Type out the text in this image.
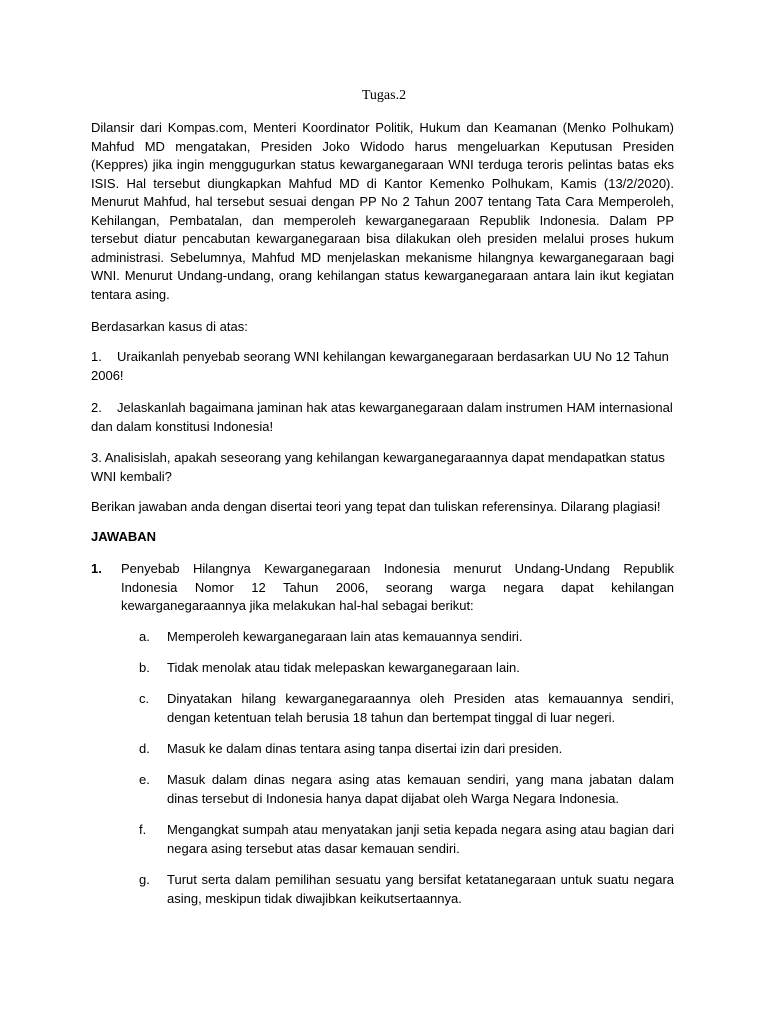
Tugas.2
Dilansir dari Kompas.com, Menteri Koordinator Politik, Hukum dan Keamanan (Menko Polhukam) Mahfud MD mengatakan, Presiden Joko Widodo harus mengeluarkan Keputusan Presiden (Keppres) jika ingin menggugurkan status kewarganegaraan WNI terduga teroris pelintas batas eks ISIS. Hal tersebut diungkapkan Mahfud MD di Kantor Kemenko Polhukam, Kamis (13/2/2020). Menurut Mahfud, hal tersebut sesuai dengan PP No 2 Tahun 2007 tentang Tata Cara Memperoleh, Kehilangan, Pembatalan, dan memperoleh kewarganegaraan Republik Indonesia. Dalam PP tersebut diatur pencabutan kewarganegaraan bisa dilakukan oleh presiden melalui proses hukum administrasi. Sebelumnya, Mahfud MD menjelaskan mekanisme hilangnya kewarganegaraan bagi WNI. Menurut Undang-undang, orang kehilangan status kewarganegaraan antara lain ikut kegiatan tentara asing.
Berdasarkan kasus di atas:
1. Uraikanlah penyebab seorang WNI kehilangan kewarganegaraan berdasarkan UU No 12 Tahun 2006!
2. Jelaskanlah bagaimana jaminan hak atas kewarganegaraan dalam instrumen HAM internasional dan dalam konstitusi Indonesia!
3. Analisislah, apakah seseorang yang kehilangan kewarganegaraannya dapat mendapatkan status WNI kembali?
Berikan jawaban anda dengan disertai teori yang tepat dan tuliskan referensinya. Dilarang plagiasi!
JAWABAN
1. Penyebab Hilangnya Kewarganegaraan Indonesia menurut Undang-Undang Republik Indonesia Nomor 12 Tahun 2006, seorang warga negara dapat kehilangan kewarganegaraannya jika melakukan hal-hal sebagai berikut:
a. Memperoleh kewarganegaraan lain atas kemauannya sendiri.
b. Tidak menolak atau tidak melepaskan kewarganegaraan lain.
c. Dinyatakan hilang kewarganegaraannya oleh Presiden atas kemauannya sendiri, dengan ketentuan telah berusia 18 tahun dan bertempat tinggal di luar negeri.
d. Masuk ke dalam dinas tentara asing tanpa disertai izin dari presiden.
e. Masuk dalam dinas negara asing atas kemauan sendiri, yang mana jabatan dalam dinas tersebut di Indonesia hanya dapat dijabat oleh Warga Negara Indonesia.
f. Mengangkat sumpah atau menyatakan janji setia kepada negara asing atau bagian dari negara asing tersebut atas dasar kemauan sendiri.
g. Turut serta dalam pemilihan sesuatu yang bersifat ketatanegaraan untuk suatu negara asing, meskipun tidak diwajibkan keikutsertaannya.
